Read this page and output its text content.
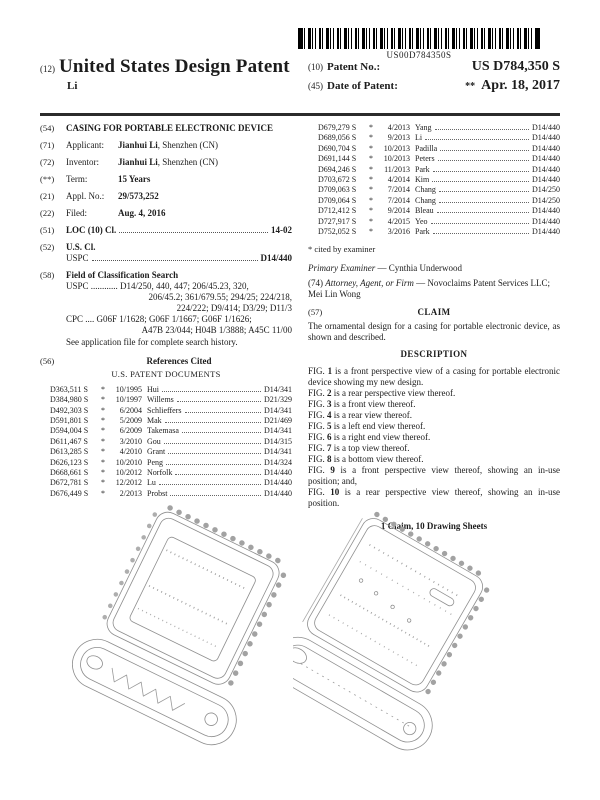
US00D784350S
(12) United States Design Patent
Li
(10) Patent No.:	US D784,350 S
(45) Date of Patent:	** Apr. 18, 2017
(54)	CASING FOR PORTABLE ELECTRONIC DEVICE
(71)	Applicant: Jianhui Li, Shenzhen (CN)
(72)	Inventor: Jianhui Li, Shenzhen (CN)
(**)	Term:	15 Years
(21)	Appl. No.: 29/573,252
(22)	Filed:	Aug. 4, 2016
(51)	LOC (10) Cl.	14-02
(52)	U.S. Cl.
USPC	D14/440
(58)	Field of Classification Search
USPC ............ D14/250, 440, 447; 206/45.23, 320,
206/45.2; 361/679.55; 294/25; 224/218,
224/222; D9/414; D3/29; D11/3
CPC .... G06F 1/1628; G06F 1/1667; G06F 1/1626;
A47B 23/044; H04B 1/3888; A45C 11/00
See application file for complete search history.
(56)	References Cited
U.S. PATENT DOCUMENTS
D363,511 S	*	10/1995 Hui	D14/341
D384,980 S	*	10/1997 Willems	D21/329
D492,303 S	*	6/2004 Schlieffers	D14/341
D591,801 S	*	5/2009 Mak	D21/469
D594,004 S	*	6/2009 Takemasa	D14/341
D611,467 S	*	3/2010 Gou	D14/315
D613,285 S	*	4/2010 Grant	D14/341
D626,123 S	*	10/2010 Peng	D14/324
D668,661 S	*	10/2012 Norfolk	D14/440
D672,781 S	*	12/2012 Lu	D14/440
D676,449 S	*	2/2013 Probst	D14/440
D679,279 S	*	4/2013 Yang	D14/440
D689,056 S	*	9/2013 Li	D14/440
D690,704 S	*	10/2013 Padilla	D14/440
D691,144 S	*	10/2013 Peters	D14/440
D694,246 S	*	11/2013 Park	D14/440
D703,672 S	*	4/2014 Kim	D14/440
D709,063 S	*	7/2014 Chang	D14/250
D709,064 S	*	7/2014 Chang	D14/250
D712,412 S	*	9/2014 Bleau	D14/440
D727,917 S	*	4/2015 Yeo	D14/440
D752,052 S	*	3/2016 Park	D14/440
* cited by examiner
Primary Examiner — Cynthia Underwood
(74) Attorney, Agent, or Firm — Novoclaims Patent Services LLC; Mei Lin Wong
(57)	CLAIM
The ornamental design for a casing for portable electronic device, as shown and described.
DESCRIPTION
FIG. 1 is a front perspective view of a casing for portable electronic device showing my new design.
FIG. 2 is a rear perspective view thereof.
FIG. 3 is a front view thereof.
FIG. 4 is a rear view thereof.
FIG. 5 is a left end view thereof.
FIG. 6 is a right end view thereof.
FIG. 7 is a top view thereof.
FIG. 8 is a bottom view thereof.
FIG. 9 is a front perspective view thereof, showing an in-use position; and,
FIG. 10 is a rear perspective view thereof, showing an in-use position.
1 Claim, 10 Drawing Sheets
